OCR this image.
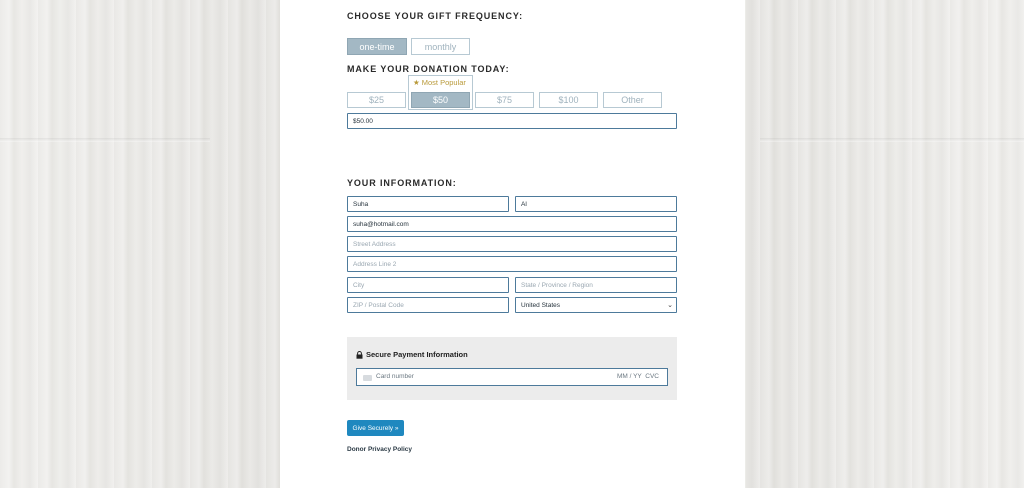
CHOOSE YOUR GIFT FREQUENCY:
one-time	monthly
MAKE YOUR DONATION TODAY:
★ Most Popular
$25	$50	$75	$100	Other
$50.00
YOUR INFORMATION:
Suha	Al
suha@hotmail.com
Street Address
Address Line 2
City	State / Province / Region
ZIP / Postal Code	United States	⌄
Secure Payment Information
Card number	MM / YY  CVC
Give Securely »
Donor Privacy Policy
